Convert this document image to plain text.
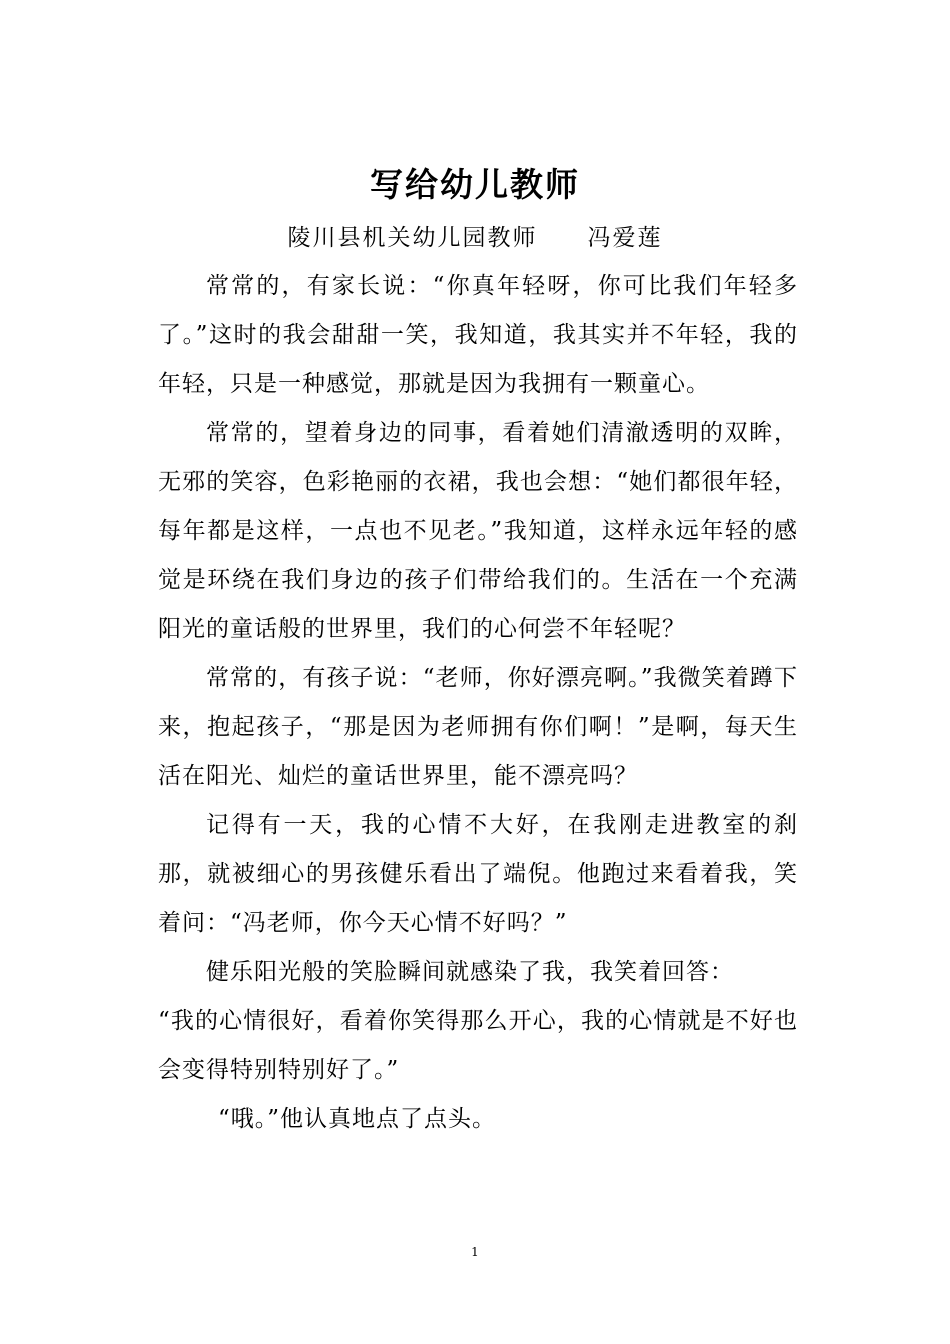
写给幼儿教师
陵川县机关幼儿园教师 冯爱莲

常常的，有家长说：“你真年轻呀，你可比我们年轻多了。”这时的我会甜甜一笑，我知道，我其实并不年轻，我的年轻，只是一种感觉，那就是因为我拥有一颗童心。

常常的，望着身边的同事，看着她们清澈透明的双眸，无邪的笑容，色彩艳丽的衣裙，我也会想：“她们都很年轻，每年都是这样，一点也不见老。”我知道，这样永远年轻的感觉是环绕在我们身边的孩子们带给我们的。生活在一个充满阳光的童话般的世界里，我们的心何尝不年轻呢？

常常的，有孩子说：“老师，你好漂亮啊。”我微笑着蹲下来，抱起孩子，“那是因为老师拥有你们啊！”是啊，每天生活在阳光、灿烂的童话世界里，能不漂亮吗？

记得有一天，我的心情不大好，在我刚走进教室的刹那，就被细心的男孩健乐看出了端倪。他跑过来看着我，笑着问：“冯老师，你今天心情不好吗？”

健乐阳光般的笑脸瞬间就感染了我，我笑着回答：

“我的心情很好，看着你笑得那么开心，我的心情就是不好也会变得特别特别好了。”

“哦。”他认真地点了点头。

1
